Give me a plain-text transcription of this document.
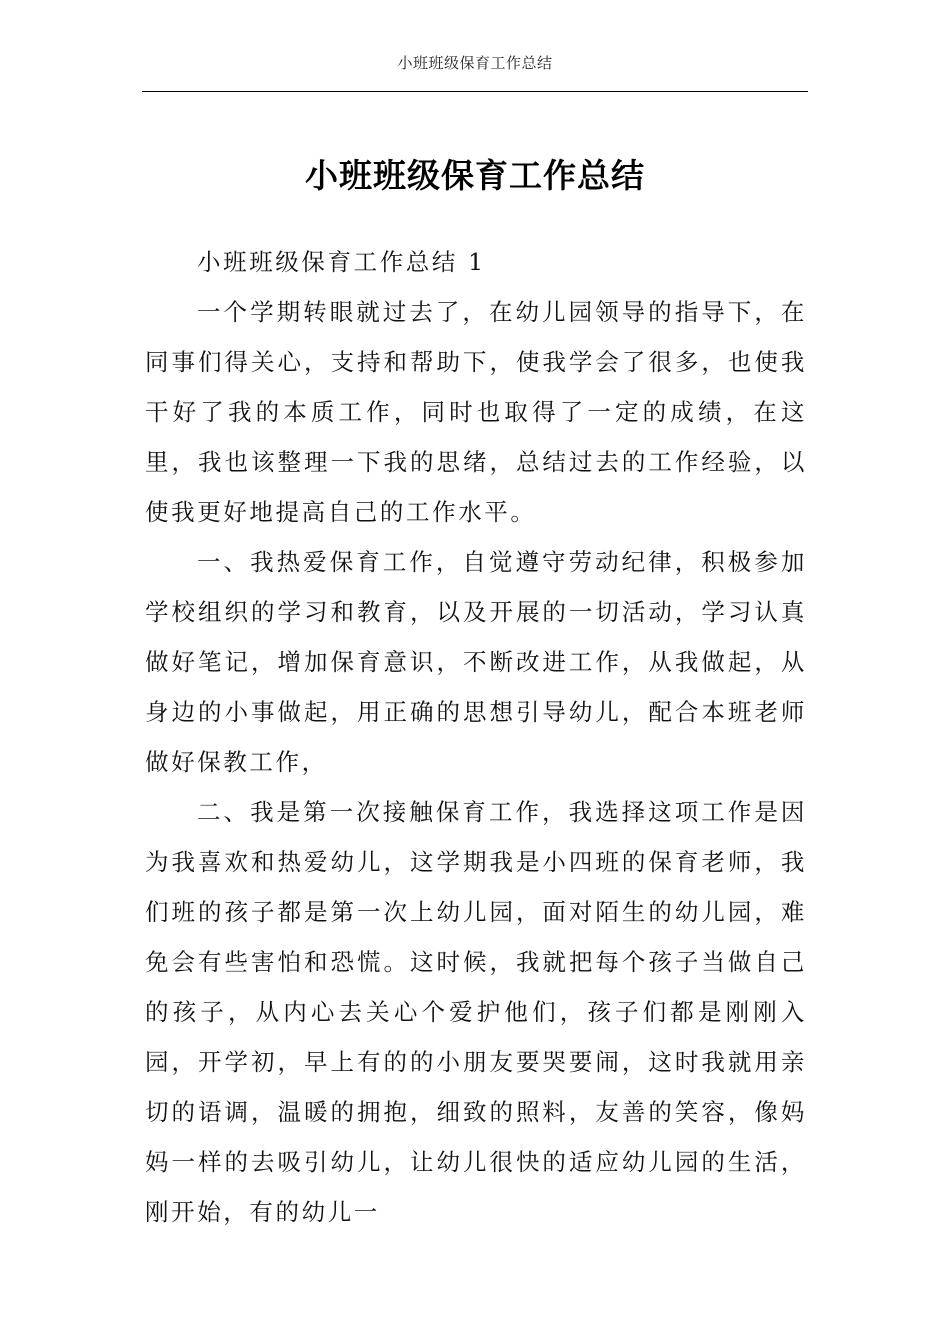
小班班级保育工作总结
小班班级保育工作总结

小班班级保育工作总结 1

一个学期转眼就过去了，在幼儿园领导的指导下，在同事们得关心，支持和帮助下，使我学会了很多，也使我干好了我的本质工作，同时也取得了一定的成绩，在这里，我也该整理一下我的思绪，总结过去的工作经验，以使我更好地提高自己的工作水平。

一、我热爱保育工作，自觉遵守劳动纪律，积极参加学校组织的学习和教育，以及开展的一切活动，学习认真做好笔记，增加保育意识，不断改进工作，从我做起，从身边的小事做起，用正确的思想引导幼儿，配合本班老师做好保教工作，

二、我是第一次接触保育工作，我选择这项工作是因为我喜欢和热爱幼儿，这学期我是小四班的保育老师，我们班的孩子都是第一次上幼儿园，面对陌生的幼儿园，难免会有些害怕和恐慌。这时候，我就把每个孩子当做自己的孩子，从内心去关心个爱护他们，孩子们都是刚刚入园，开学初，早上有的的小朋友要哭要闹，这时我就用亲切的语调，温暖的拥抱，细致的照料，友善的笑容，像妈妈一样的去吸引幼儿，让幼儿很快的适应幼儿园的生活，刚开始，有的幼儿一
